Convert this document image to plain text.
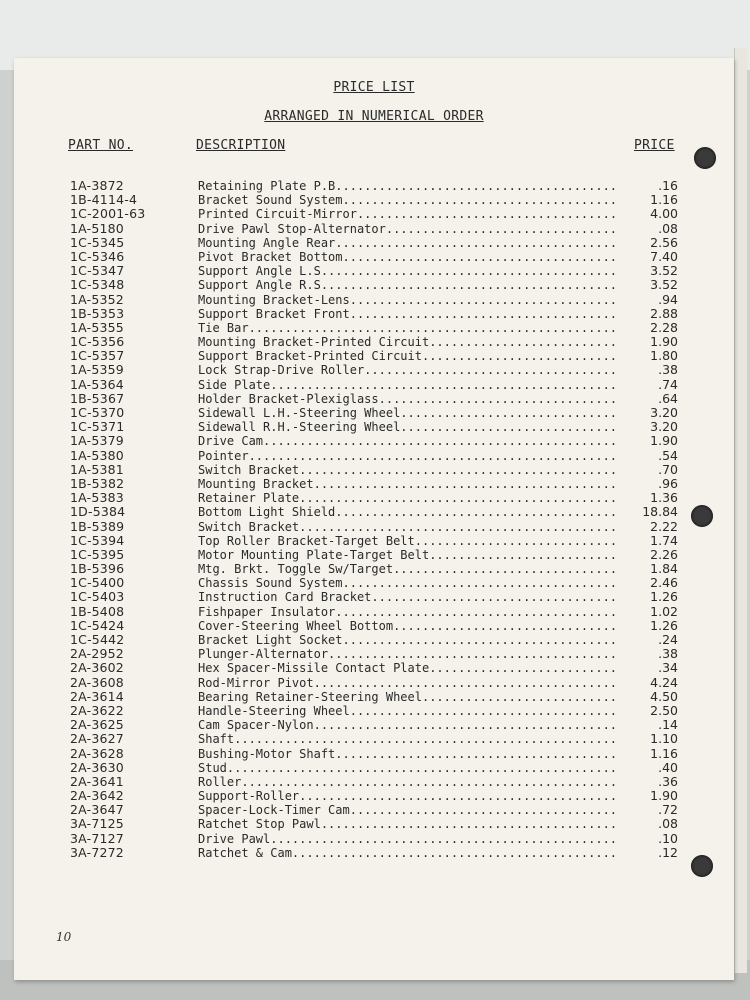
PRICE LIST
ARRANGED IN NUMERICAL ORDER
PART NO.	DESCRIPTION	PRICE
1A-3872	Retaining Plate P.B. .....	.16
1B-4114-4	Bracket Sound System .....	1.16
1C-2001-63	Printed Circuit-Mirror .....	4.00
1A-5180	Drive Pawl Stop-Alternator .....	.08
1C-5345	Mounting Angle Rear .....	2.56
1C-5346	Pivot Bracket Bottom .....	7.40
1C-5347	Support Angle L.S. .....	3.52
1C-5348	Support Angle R.S. .....	3.52
1A-5352	Mounting Bracket-Lens .....	.94
1B-5353	Support Bracket Front .....	2.88
1A-5355	Tie Bar .....	2.28
1C-5356	Mounting Bracket-Printed Circuit .....	1.90
1C-5357	Support Bracket-Printed Circuit .....	1.80
1A-5359	Lock Strap-Drive Roller .....	.38
1A-5364	Side Plate .....	.74
1B-5367	Holder Bracket-Plexiglass .....	.64
1C-5370	Sidewall L.H.-Steering Wheel .....	3.20
1C-5371	Sidewall R.H.-Steering Wheel .....	3.20
1A-5379	Drive Cam .....	1.90
1A-5380	Pointer .....	.54
1A-5381	Switch Bracket .....	.70
1B-5382	Mounting Bracket .....	.96
1A-5383	Retainer Plate .....	1.36
1D-5384	Bottom Light Shield .....	18.84
1B-5389	Switch Bracket .....	2.22
1C-5394	Top Roller Bracket-Target Belt .....	1.74
1C-5395	Motor Mounting Plate-Target Belt .....	2.26
1B-5396	Mtg. Brkt. Toggle Sw/Target .....	1.84
1C-5400	Chassis Sound System .....	2.46
1C-5403	Instruction Card Bracket .....	1.26
1B-5408	Fishpaper Insulator .....	1.02
1C-5424	Cover-Steering Wheel Bottom .....	1.26
1C-5442	Bracket Light Socket .....	.24
2A-2952	Plunger-Alternator .....	.38
2A-3602	Hex Spacer-Missile Contact Plate .....	.34
2A-3608	Rod-Mirror Pivot .....	4.24
2A-3614	Bearing Retainer-Steering Wheel .....	4.50
2A-3622	Handle-Steering Wheel .....	2.50
2A-3625	Cam Spacer-Nylon .....	.14
2A-3627	Shaft .....	1.10
2A-3628	Bushing-Motor Shaft .....	1.16
2A-3630	Stud .....	.40
2A-3641	Roller .....	.36
2A-3642	Support-Roller .....	1.90
2A-3647	Spacer-Lock-Timer Cam .....	.72
3A-7125	Ratchet Stop Pawl .....	.08
3A-7127	Drive Pawl .....	.10
3A-7272	Ratchet & Cam .....	.12
10
